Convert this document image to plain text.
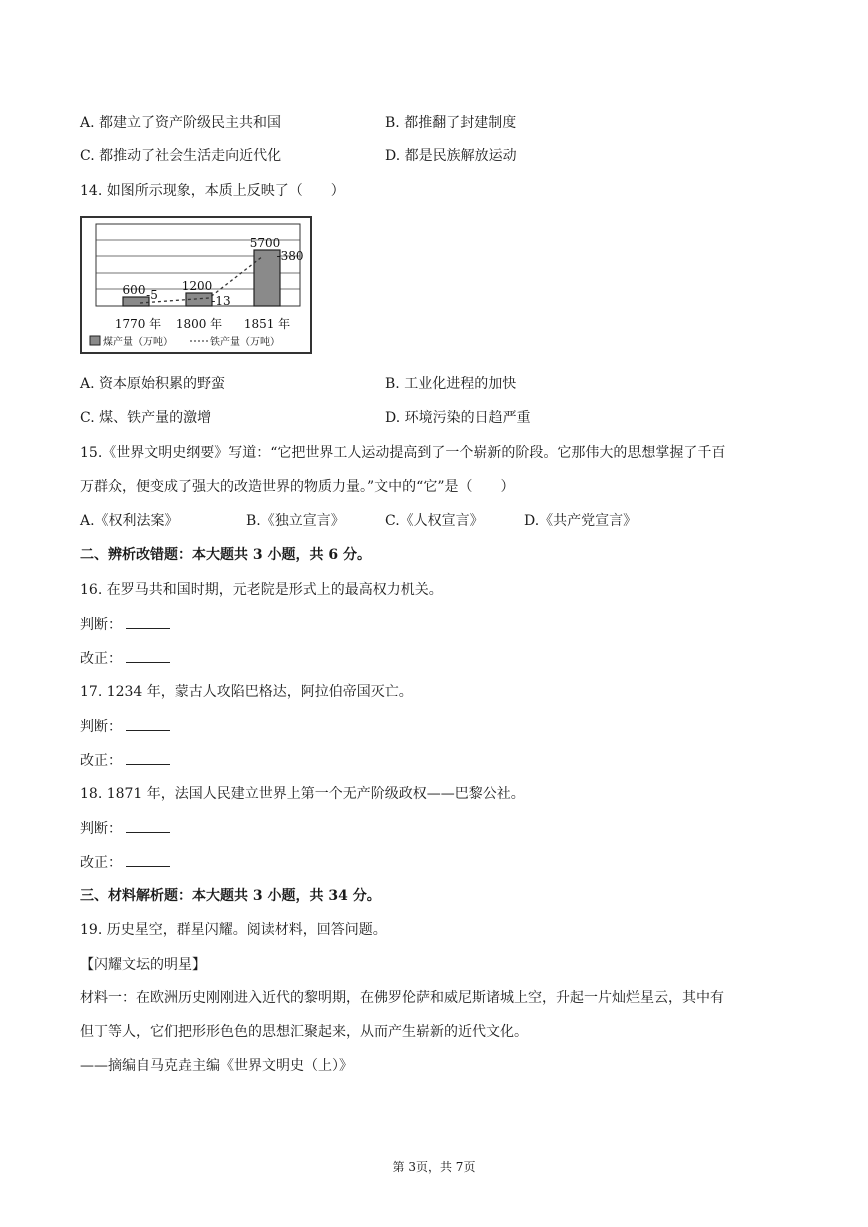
A. 都建立了资产阶级民主共和国	B. 都推翻了封建制度
C. 都推动了社会生活走向近代化	D. 都是民族解放运动
14. 如图所示现象，本质上反映了（　　）
600	1200
5700
-5	-13
-380
1770 年 1800 年 1851 年
煤产量（万吨）	铁产量（万吨）
A. 资本原始积累的野蛮	B. 工业化进程的加快
C. 煤、铁产量的激增	D. 环境污染的日趋严重
15.《世界文明史纲要》写道：“它把世界工人运动提高到了一个崭新的阶段。它那伟大的思想掌握了千百
万群众，便变成了强大的改造世界的物质力量。”文中的“它”是（　　）
A.《权利法案》	B.《独立宣言》	C.《人权宣言》	D.《共产党宣言》
二、辨析改错题：本大题共 3 小题，共 6 分。
16. 在罗马共和国时期，元老院是形式上的最高权力机关。
判断：
改正：
17. 1234 年，蒙古人攻陷巴格达，阿拉伯帝国灭亡。
判断：
改正：
18. 1871 年，法国人民建立世界上第一个无产阶级政权——巴黎公社。
判断：
改正：
三、材料解析题：本大题共 3 小题，共 34 分。
19. 历史星空，群星闪耀。阅读材料，回答问题。
【闪耀文坛的明星】
材料一：在欧洲历史刚刚进入近代的黎明期，在佛罗伦萨和威尼斯诸城上空，升起一片灿烂星云，其中有
但丁等人，它们把形形色色的思想汇聚起来，从而产生崭新的近代文化。
——摘编自马克垚主编《世界文明史（上）》
第 3页，共 7页
